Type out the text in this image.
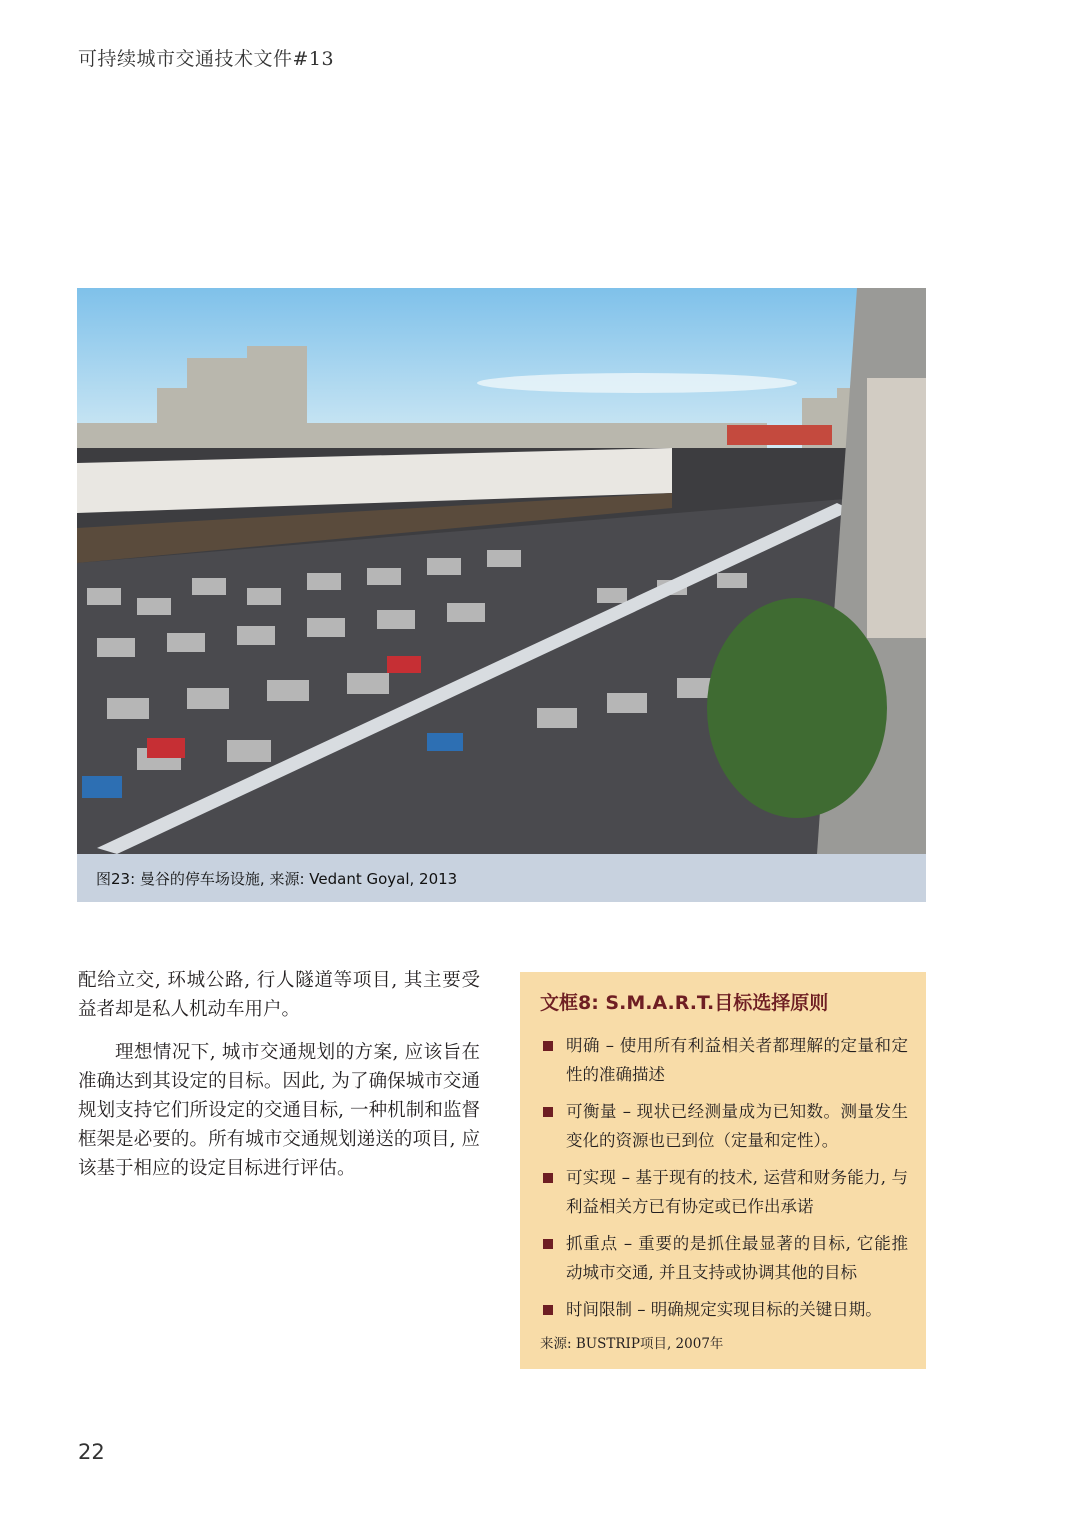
可持续城市交通技术文件#13
图23: 曼谷的停车场设施, 来源: Vedant Goyal, 2013

配给立交, 环城公路, 行人隧道等项目, 其主要受益者却是私人机动车用户。

理想情况下, 城市交通规划的方案, 应该旨在准确达到其设定的目标。因此, 为了确保城市交通规划支持它们所设定的交通目标, 一种机制和监督框架是必要的。所有城市交通规划递送的项目, 应该基于相应的设定目标进行评估。

文框8: S.M.A.R.T.目标选择原则
明确 – 使用所有利益相关者都理解的定量和定性的准确描述
可衡量 – 现状已经测量成为已知数。测量发生变化的资源也已到位（定量和定性）。
可实现 – 基于现有的技术, 运营和财务能力, 与利益相关方已有协定或已作出承诺
抓重点 – 重要的是抓住最显著的目标, 它能推动城市交通, 并且支持或协调其他的目标
时间限制 – 明确规定实现目标的关键日期。
来源: BUSTRIP项目, 2007年
22
